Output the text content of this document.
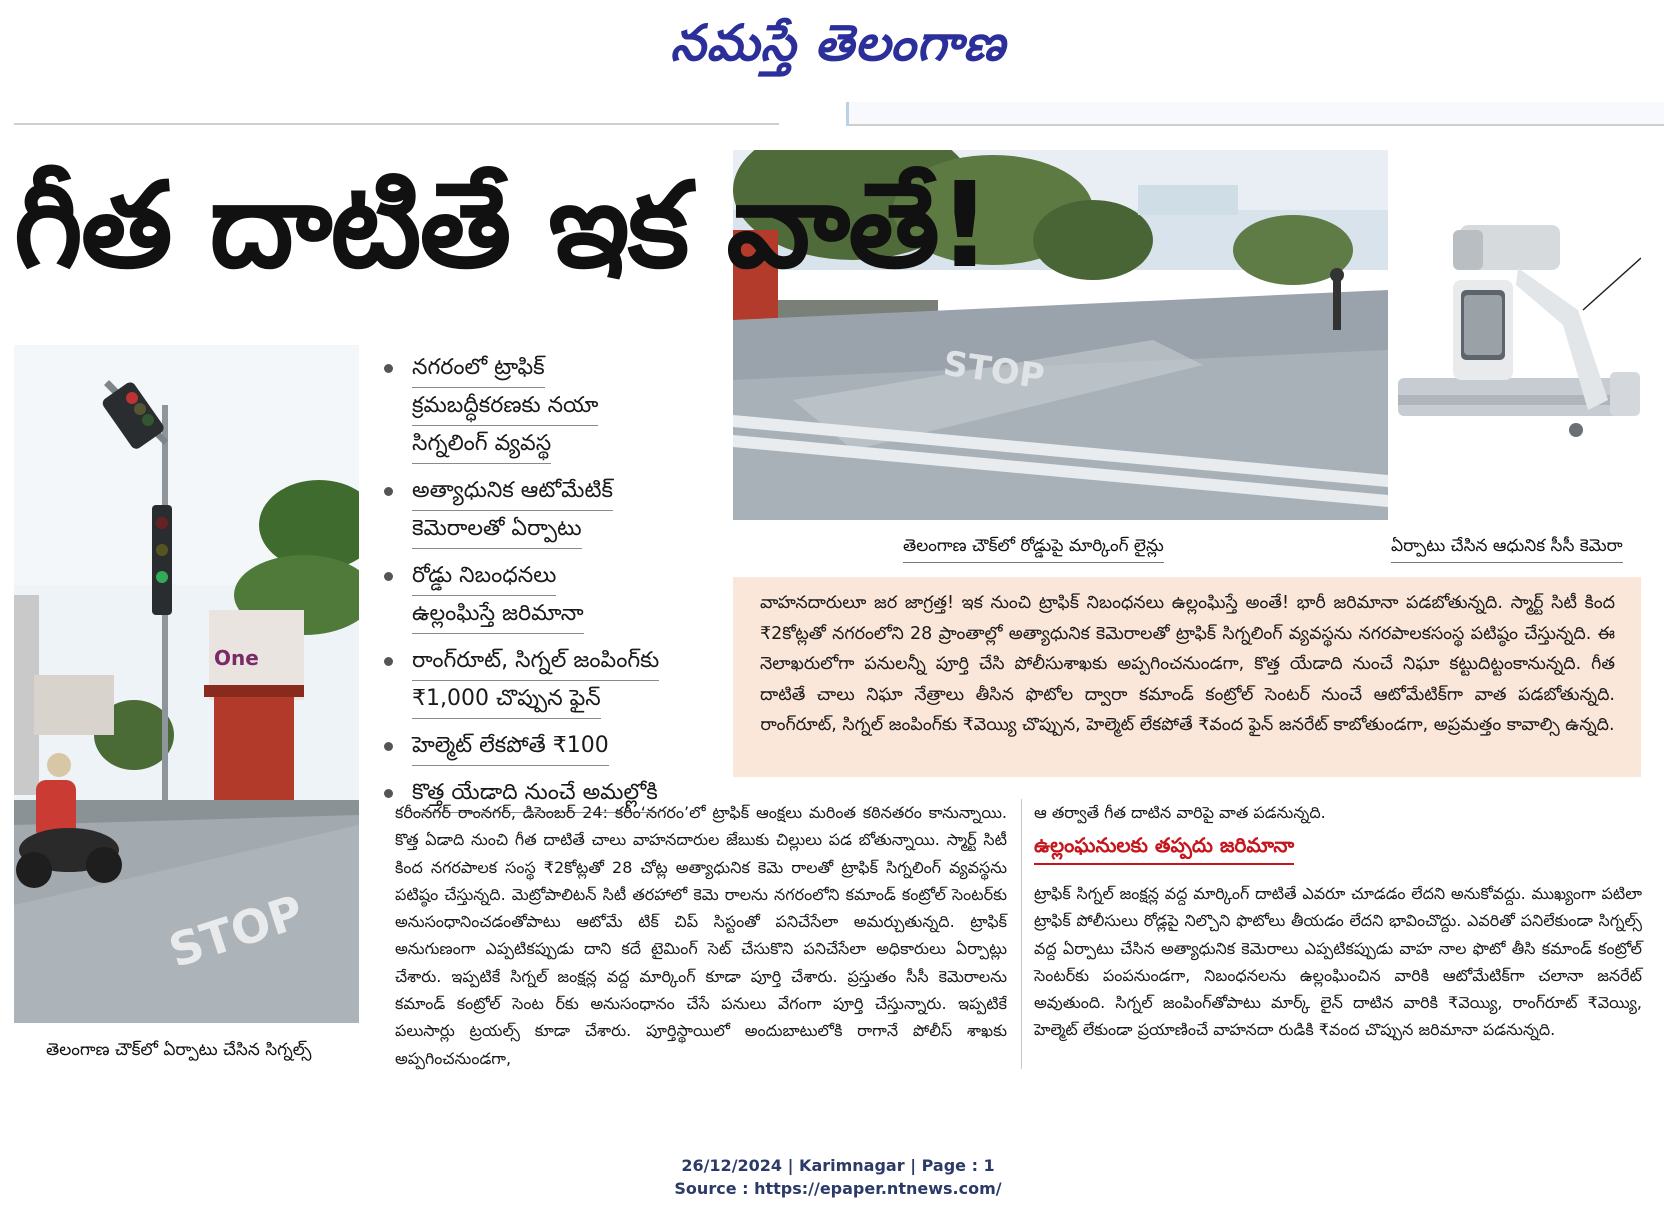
నమస్తే తెలంగాణ
STOP
గీత దాటితే ఇక వాతే!
తెలంగాణ చౌక్‌లో రోడ్డుపై మార్కింగ్ లైన్లు	ఏర్పాటు చేసిన ఆధునిక సీసీ కెమెరా
One
STOP
తెలంగాణ చౌక్‌లో ఏర్పాటు చేసిన సిగ్నల్స్
నగరంలో ట్రాఫిక్
క్రమబద్ధీకరణకు నయా
సిగ్నలింగ్ వ్యవస్థ
అత్యాధునిక ఆటోమేటిక్
కెమెరాలతో ఏర్పాటు
రోడ్డు నిబంధనలు
ఉల్లంఘిస్తే జరిమానా
రాంగ్‌రూట్, సిగ్నల్ జంపింగ్‌కు
₹1,000 చొప్పున ఫైన్
హెల్మెట్ లేకపోతే ₹100
కొత్త యేడాది నుంచే అమల్లోకి
వాహనదారులూ జర జాగ్రత్త! ఇక నుంచి ట్రాఫిక్ నిబంధనలు ఉల్లంఘిస్తే అంతే! భారీ జరిమానా పడబోతున్నది. స్మార్ట్ సిటీ కింద ₹2కోట్లతో నగరంలోని 28 ప్రాంతాల్లో అత్యాధునిక కెమెరాలతో ట్రాఫిక్ సిగ్నలింగ్ వ్యవస్థను నగరపాలకసంస్థ పటిష్ఠం చేస్తున్నది. ఈ నెలాఖరులోగా పనులన్నీ పూర్తి చేసి పోలీసుశాఖకు అప్పగించనుండగా, కొత్త యేడాది నుంచే నిఘా కట్టుదిట్టంకానున్నది. గీత దాటితే చాలు నిఘా నేత్రాలు తీసిన ఫొటోల ద్వారా కమాండ్ కంట్రోల్ సెంటర్ నుంచే ఆటోమేటిక్‌గా వాత పడబోతున్నది. రాంగ్‌రూట్, సిగ్నల్ జంపింగ్‌కు ₹వెయ్యి చొప్పున, హెల్మెట్ లేకపోతే ₹వంద ఫైన్ జనరేట్ కాబోతుండగా, అప్రమత్తం కావాల్సి ఉన్నది.
కరీంనగర్ రాంనగర్, డిసెంబర్ 24: కరీం‘నగరం’లో ట్రాఫిక్ ఆంక్షలు మరింత కఠినతరం కానున్నాయి. కొత్త ఏడాది నుంచి గీత దాటితే చాలు వాహనదారుల జేబుకు చిల్లులు పడ బోతున్నాయి. స్మార్ట్ సిటీ కింద నగరపాలక సంస్థ ₹2కోట్లతో 28 చోట్ల అత్యాధునిక కెమె రాలతో ట్రాఫిక్ సిగ్నలింగ్ వ్యవస్థను పటిష్ఠం చేస్తున్నది. మెట్రోపాలిటన్ సిటీ తరహాలో కెమె రాలను నగరంలోని కమాండ్ కంట్రోల్ సెంటర్‌కు అనుసంధానించడంతోపాటు ఆటోమే టిక్ చిప్ సిస్టంతో పనిచేసేలా అమర్చుతున్నది. ట్రాఫిక్ అనుగుణంగా ఎప్పటికప్పుడు దాని కదే టైమింగ్ సెట్ చేసుకొని పనిచేసేలా అధికారులు ఏర్పాట్లు చేశారు. ఇప్పటికే సిగ్నల్ జంక్షన్ల వద్ద మార్కింగ్ కూడా పూర్తి చేశారు. ప్రస్తుతం సీసీ కెమెరాలను కమాండ్ కంట్రోల్ సెంట ర్‌కు అనుసంధానం చేసే పనులు వేగంగా పూర్తి చేస్తున్నారు. ఇప్పటికే పలుసార్లు ట్రయల్స్ కూడా చేశారు. పూర్తిస్థాయిలో అందుబాటులోకి రాగానే పోలీస్ శాఖకు అప్పగించనుండగా,
ఆ తర్వాతే గీత దాటిన వారిపై వాత పడనున్నది.
ఉల్లంఘనులకు తప్పదు జరిమానా
ట్రాఫిక్ సిగ్నల్ జంక్షన్ల వద్ద మార్కింగ్ దాటితే ఎవరూ చూడడం లేదని అనుకోవద్దు. ముఖ్యంగా పటిలా ట్రాఫిక్ పోలీసులు రోడ్లపై నిల్చొని ఫొటోలు తీయడం లేదని భావించొద్దు. ఎవరితో పనిలేకుండా సిగ్నల్స్ వద్ద ఏర్పాటు చేసిన అత్యాధునిక కెమెరాలు ఎప్పటికప్పుడు వాహ నాల ఫొటో తీసి కమాండ్ కంట్రోల్ సెంటర్‌కు పంపనుండగా, నిబంధనలను ఉల్లంఘించిన వారికి ఆటోమేటిక్‌గా చలానా జనరేట్ అవుతుంది. సిగ్నల్ జంపింగ్‌తోపాటు మార్క్ లైన్ దాటిన వారికి ₹వెయ్యి, రాంగ్‌రూట్ ₹వెయ్యి, హెల్మెట్ లేకుండా ప్రయాణించే వాహనదా రుడికి ₹వంద చొప్పున జరిమానా పడనున్నది.
26/12/2024 | Karimnagar | Page : 1
Source : https://epaper.ntnews.com/
